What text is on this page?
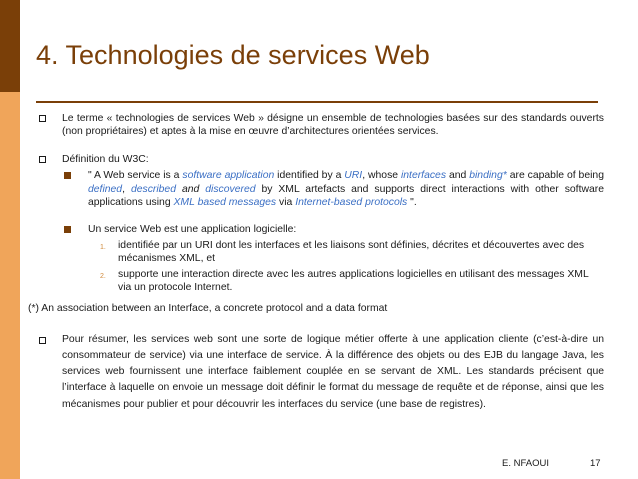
4. Technologies de services Web
Le terme « technologies de services Web » désigne un ensemble de technologies basées sur des standards ouverts (non propriétaires) et aptes à la mise en œuvre d’architectures orientées services.
Définition du W3C:
" A Web service is a software application identified by a URI, whose interfaces and binding* are capable of being defined, described and discovered by XML artefacts and supports direct interactions with other software applications using XML based messages via Internet-based protocols ".
Un service Web est une application logicielle:
1. identifiée par un URI dont les interfaces et les liaisons sont définies, décrites et découvertes avec des mécanismes XML, et
2. supporte une interaction directe avec les autres applications logicielles en utilisant des messages XML via un protocole Internet.
(*) An association between an Interface, a concrete protocol and a data format
Pour résumer, les services web sont une sorte de logique métier offerte à une application cliente (c’est-à-dire un consommateur de service) via une interface de service. À la différence des objets ou des EJB du langage Java, les services web fournissent une interface faiblement couplée en se servant de XML. Les standards précisent que l’interface à laquelle on envoie un message doit définir le format du message de requête et de réponse, ainsi que les mécanismes pour publier et pour découvrir les interfaces du service (une base de registres).
E. NFAOUI	17
